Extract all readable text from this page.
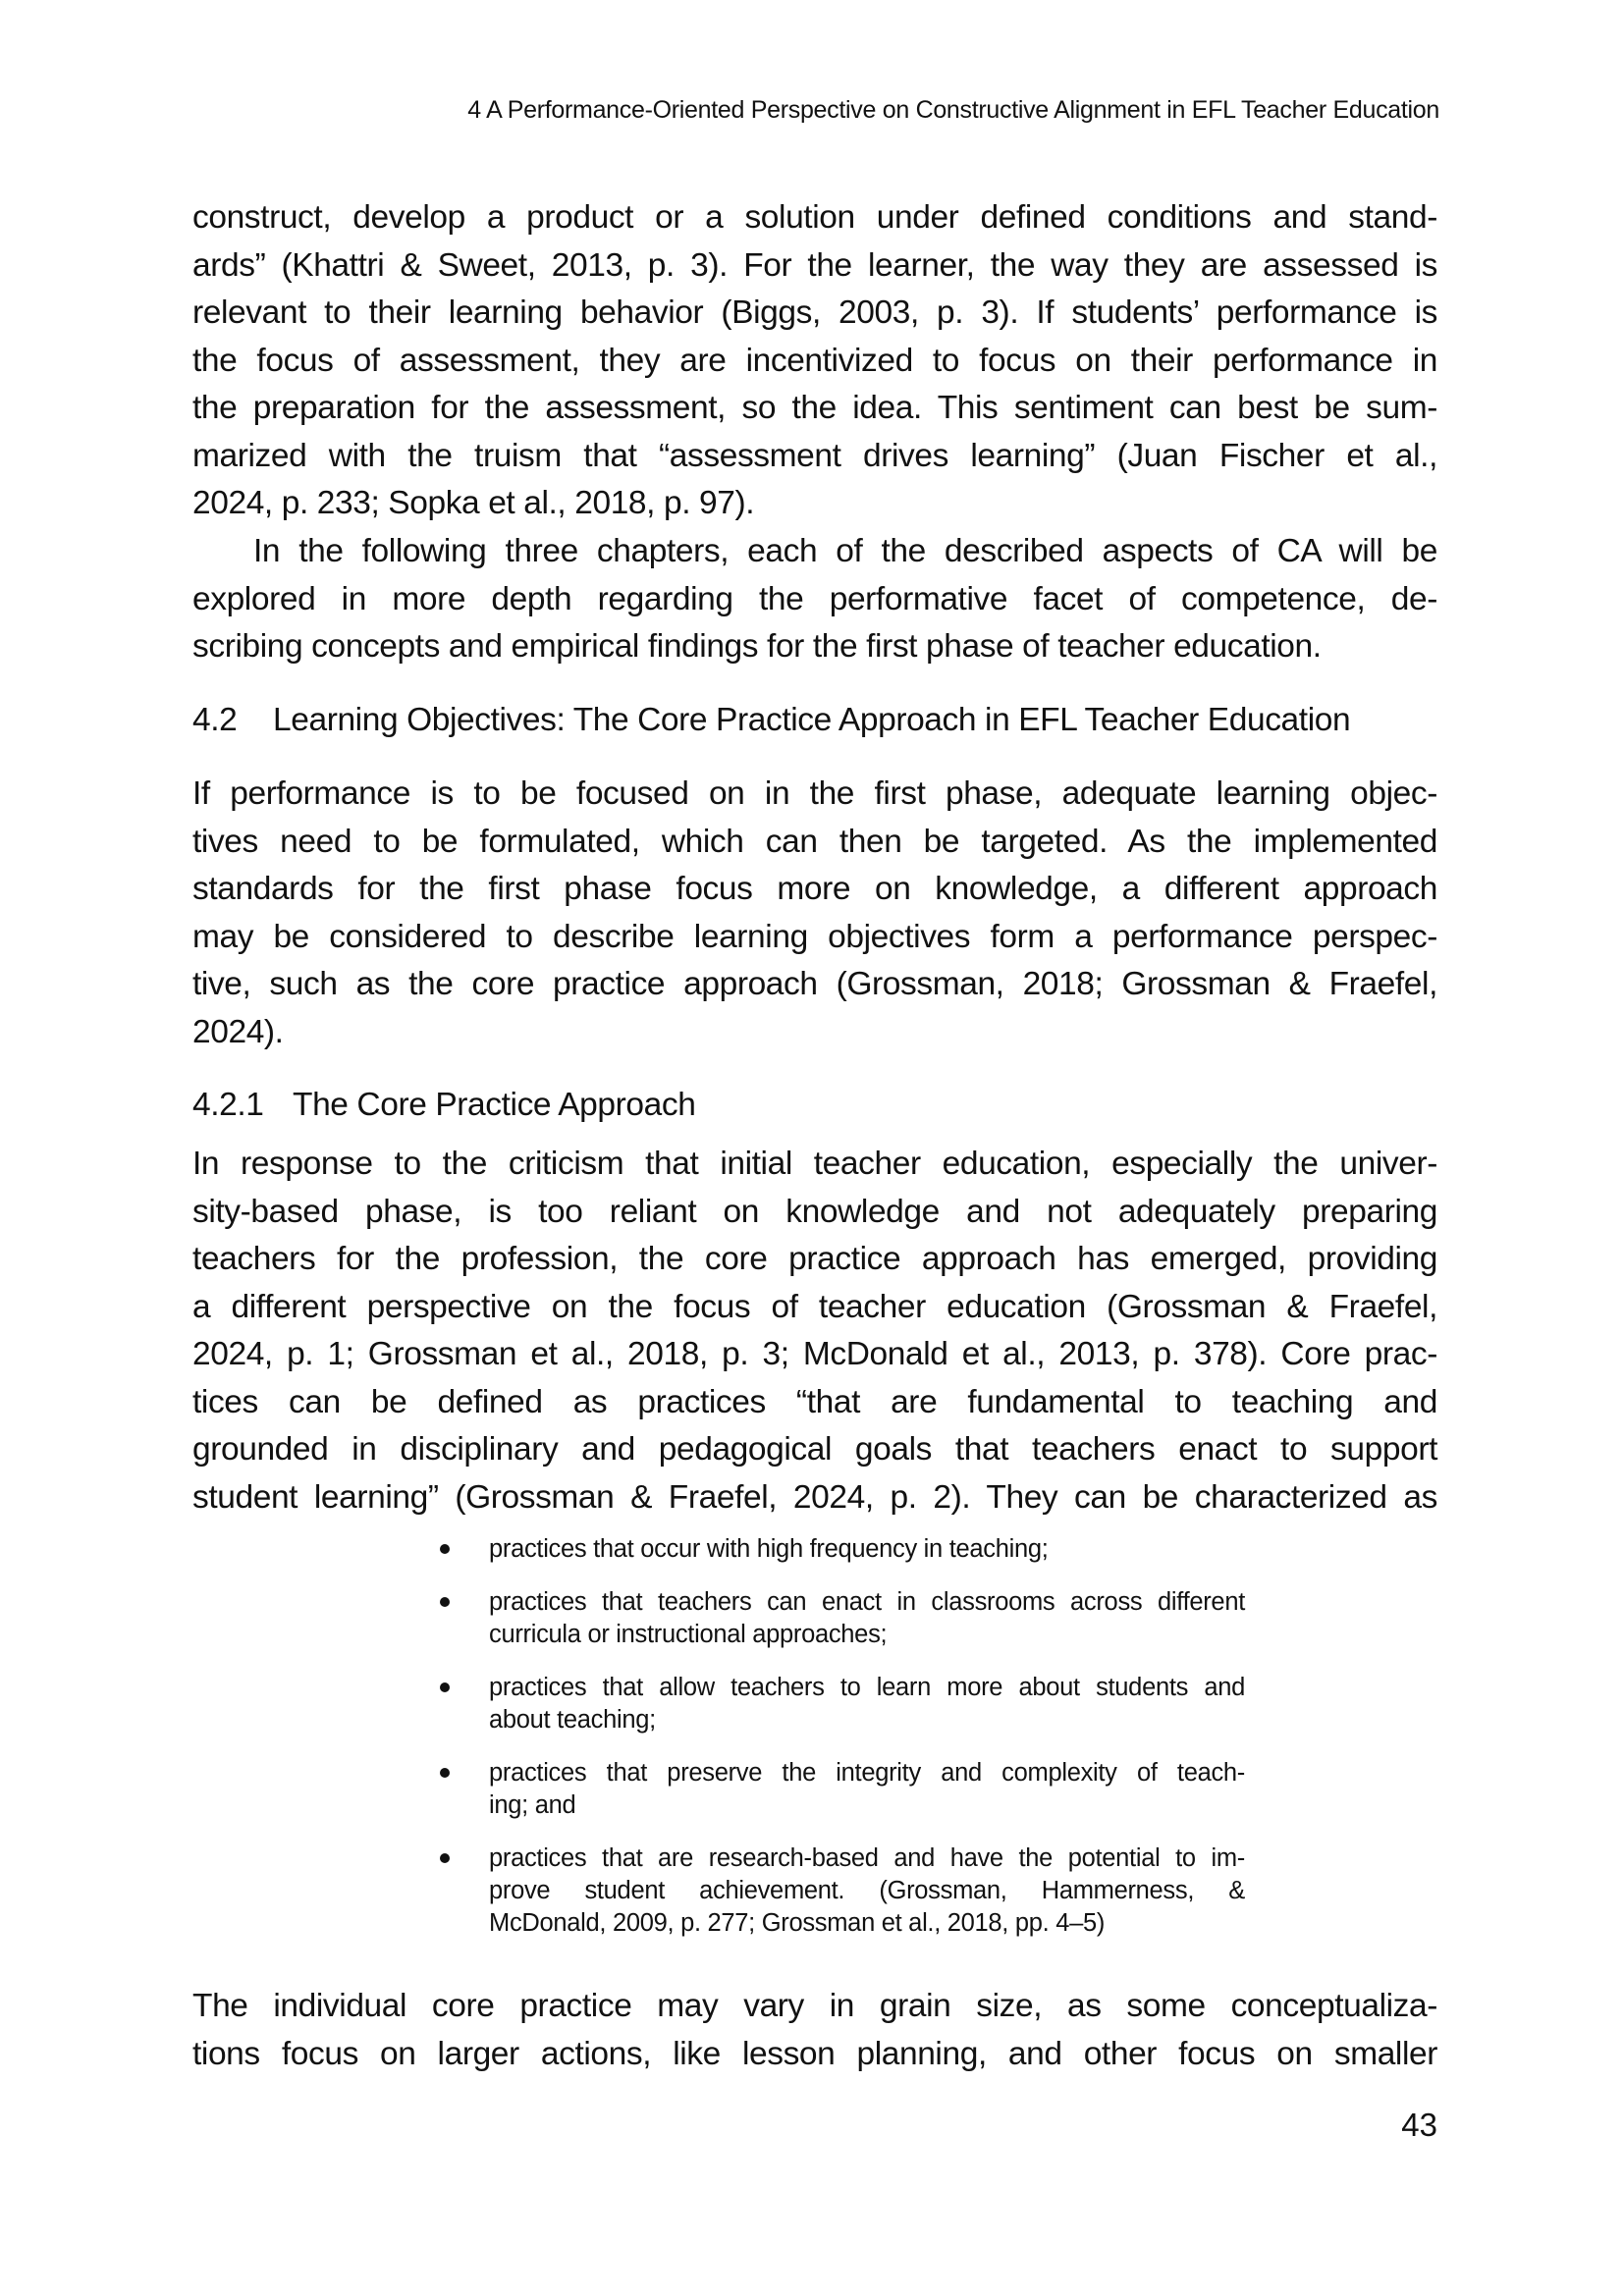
4 A Performance-Oriented Perspective on Constructive Alignment in EFL Teacher Education
construct, develop a product or a solution under defined conditions and stand-
ards” (Khattri & Sweet, 2013, p. 3). For the learner, the way they are assessed is
relevant to their learning behavior (Biggs, 2003, p. 3). If students’ performance is
the focus of assessment, they are incentivized to focus on their performance in
the preparation for the assessment, so the idea. This sentiment can best be sum-
marized with the truism that “assessment drives learning” (Juan Fischer et al.,
2024, p. 233; Sopka et al., 2018, p. 97).
In the following three chapters, each of the described aspects of CA will be
explored in more depth regarding the performative facet of competence, de-
scribing concepts and empirical findings for the first phase of teacher education.
4.2 Learning Objectives: The Core Practice Approach in EFL Teacher Education
If performance is to be focused on in the first phase, adequate learning objec-
tives need to be formulated, which can then be targeted. As the implemented
standards for the first phase focus more on knowledge, a different approach
may be considered to describe learning objectives form a performance perspec-
tive, such as the core practice approach (Grossman, 2018; Grossman & Fraefel,
2024).
4.2.1 The Core Practice Approach
In response to the criticism that initial teacher education, especially the univer-
sity-based phase, is too reliant on knowledge and not adequately preparing
teachers for the profession, the core practice approach has emerged, providing
a different perspective on the focus of teacher education (Grossman & Fraefel,
2024, p. 1; Grossman et al., 2018, p. 3; McDonald et al., 2013, p. 378). Core prac-
tices can be defined as practices “that are fundamental to teaching and
grounded in disciplinary and pedagogical goals that teachers enact to support
student learning” (Grossman & Fraefel, 2024, p. 2). They can be characterized as
practices that occur with high frequency in teaching;
practices that teachers can enact in classrooms across different
curricula or instructional approaches;
practices that allow teachers to learn more about students and
about teaching;
practices that preserve the integrity and complexity of teach-
ing; and
practices that are research-based and have the potential to im-
prove student achievement. (Grossman, Hammerness, &
McDonald, 2009, p. 277; Grossman et al., 2018, pp. 4–5)
The individual core practice may vary in grain size, as some conceptualiza-
tions focus on larger actions, like lesson planning, and other focus on smaller
43
